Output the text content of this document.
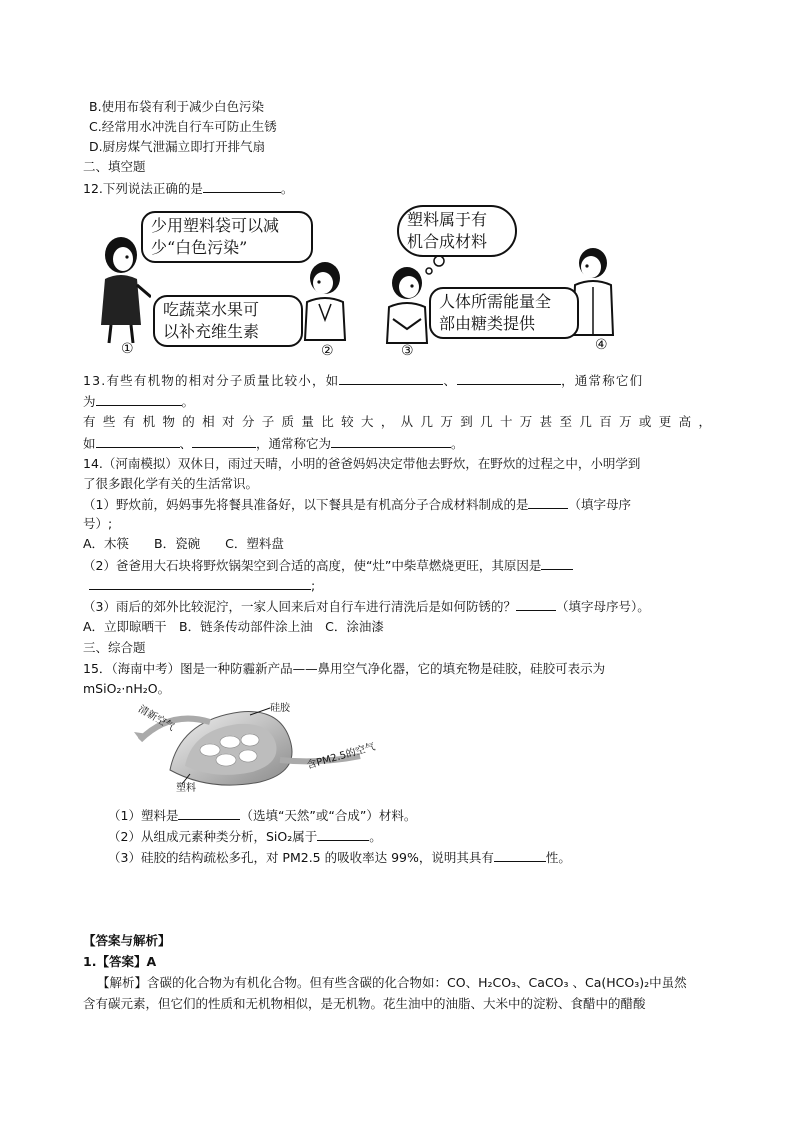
B.使用布袋有利于减少白色污染
C.经常用水冲洗自行车可防止生锈
D.厨房煤气泄漏立即打开排气扇
二、填空题
12.下列说法正确的是	。
少用塑料袋可以减
少“白色污染”
吃蔬菜水果可
以补充维生素
塑料属于有
机合成材料
人体所需能量全
部由糖类提供
①	②	③	④
13.有些有机物的相对分子质量比较小，如	、	，通常称它们
为	。
有些有机物的相对分子质量比较大，从几万到几十万甚至几百万或更高，
如	、	，通常称它为	。
14.（河南模拟）双休日，雨过天晴，小明的爸爸妈妈决定带他去野炊，在野炊的过程之中，小明学到
了很多跟化学有关的生活常识。
（1）野炊前，妈妈事先将餐具准备好，以下餐具是有机高分子合成材料制成的是	（填字母序
号）;
A．木筷　　B．瓷碗　　C．塑料盘
（2）爸爸用大石块将野炊锅架空到合适的高度，使“灶”中柴草燃烧更旺，其原因是
;
（3）雨后的郊外比较泥泞，一家人回来后对自行车进行清洗后是如何防锈的？	（填字母序号）。
A．立即晾晒干　B．链条传动部件涂上油　C．涂油漆
三、综合题
15．（海南中考）图是一种防霾新产品——鼻用空气净化器，它的填充物是硅胶，硅胶可表示为
mSiO₂·nH₂O。
清新空气	硅胶
含PM2.5的空气
塑料
（1）塑料是	（选填“天然”或“合成”）材料。
（2）从组成元素种类分析，SiO₂属于	。
（3）硅胶的结构疏松多孔，对 PM2.5 的吸收率达 99%，说明其具有	性。
【答案与解析】
1.【答案】A
【解析】含碳的化合物为有机化合物。但有些含碳的化合物如：CO、H₂CO₃、CaCO₃ 、Ca(HCO₃)₂中虽然
含有碳元素，但它们的性质和无机物相似，是无机物。花生油中的油脂、大米中的淀粉、食醋中的醋酸
